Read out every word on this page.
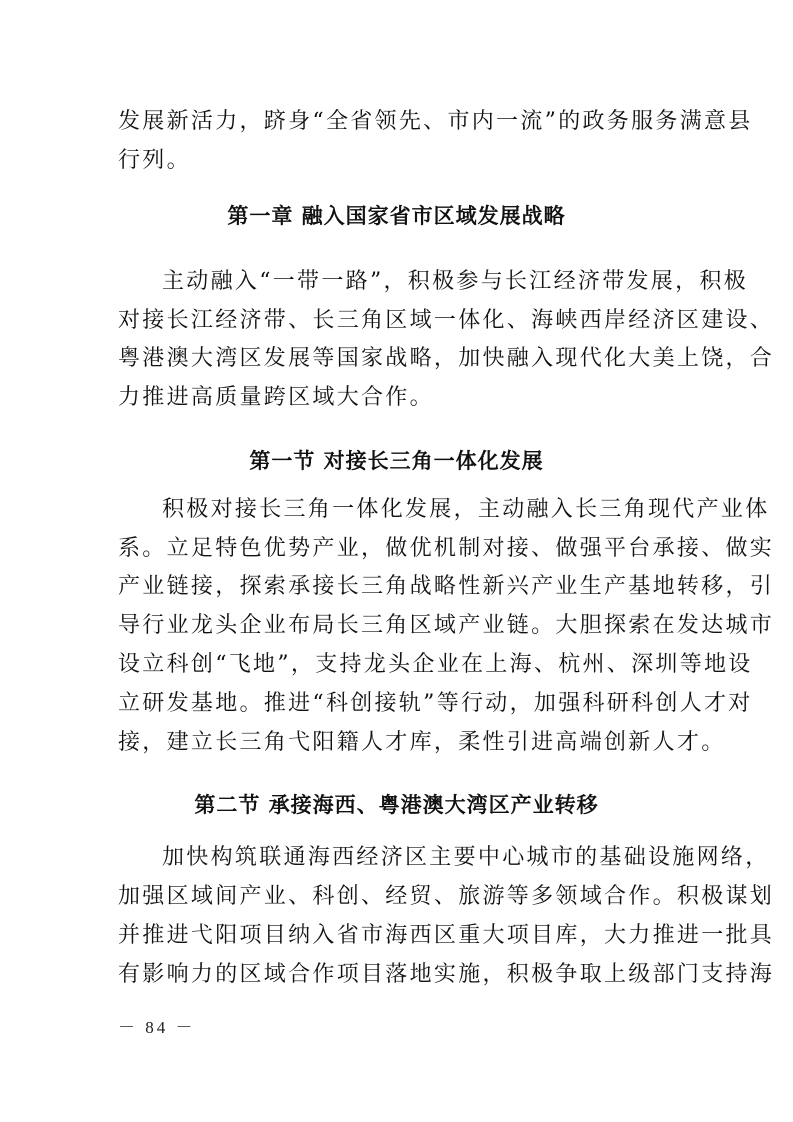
发展新活力，跻身“全省领先、市内一流”的政务服务满意县
行列。
第一章 融入国家省市区域发展战略
主动融入“一带一路”，积极参与长江经济带发展，积极
对接长江经济带、长三角区域一体化、海峡西岸经济区建设、
粤港澳大湾区发展等国家战略，加快融入现代化大美上饶，合
力推进高质量跨区域大合作。
第一节 对接长三角一体化发展
积极对接长三角一体化发展，主动融入长三角现代产业体
系。立足特色优势产业，做优机制对接、做强平台承接、做实
产业链接，探索承接长三角战略性新兴产业生产基地转移，引
导行业龙头企业布局长三角区域产业链。大胆探索在发达城市
设立科创“飞地”，支持龙头企业在上海、杭州、深圳等地设
立研发基地。推进“科创接轨”等行动，加强科研科创人才对
接，建立长三角弋阳籍人才库，柔性引进高端创新人才。
第二节 承接海西、粤港澳大湾区产业转移
加快构筑联通海西经济区主要中心城市的基础设施网络，
加强区域间产业、科创、经贸、旅游等多领域合作。积极谋划
并推进弋阳项目纳入省市海西区重大项目库，大力推进一批具
有影响力的区域合作项目落地实施，积极争取上级部门支持海
－ 84 －
